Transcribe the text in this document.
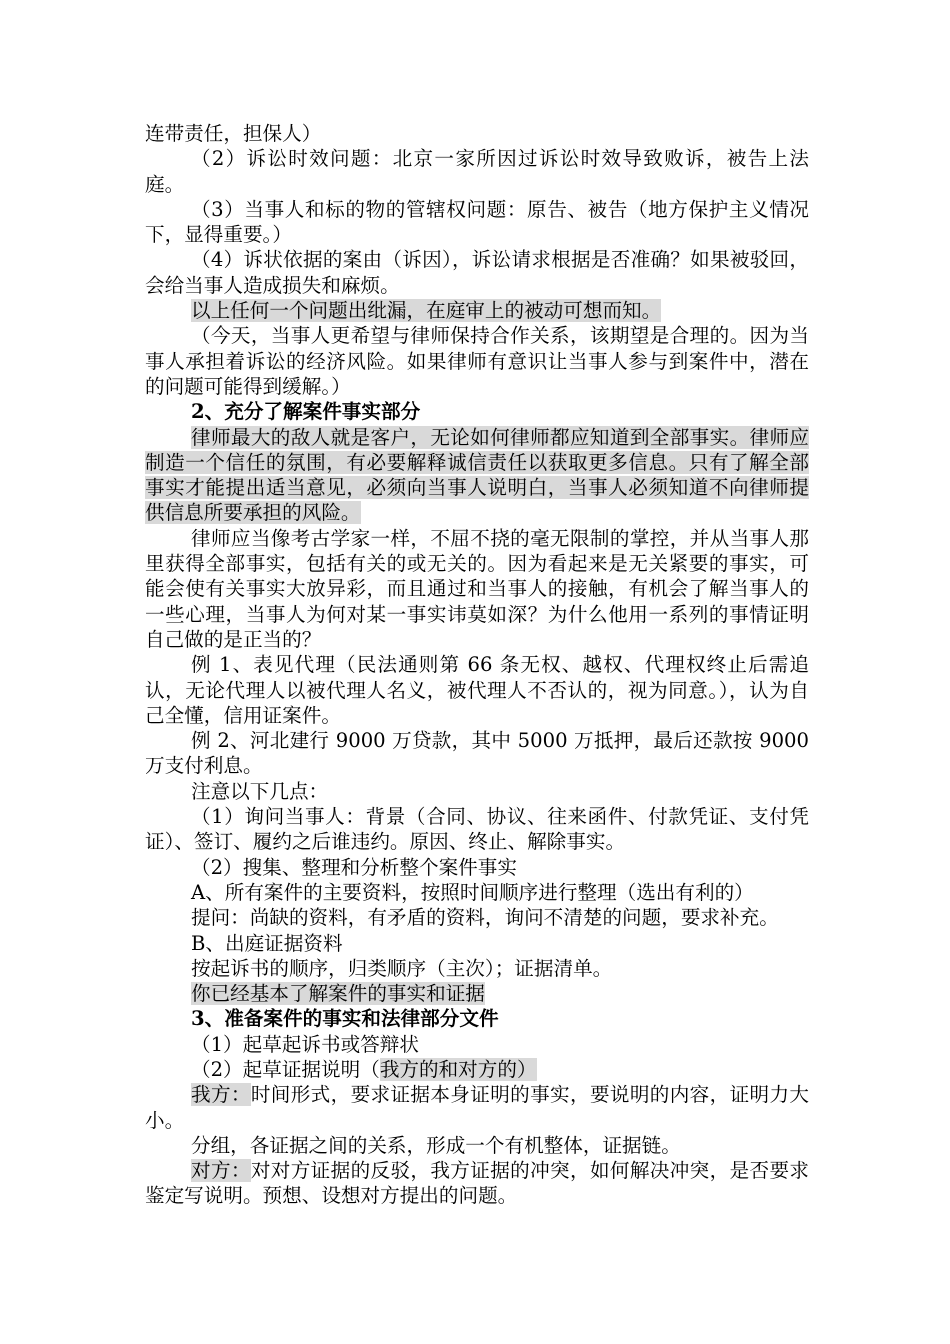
连带责任，担保人）

（2）诉讼时效问题：北京一家所因过诉讼时效导致败诉，被告上法庭。

（3）当事人和标的物的管辖权问题：原告、被告（地方保护主义情况下，显得重要。）

（4）诉状依据的案由（诉因），诉讼请求根据是否准确？如果被驳回，会给当事人造成损失和麻烦。

以上任何一个问题出纰漏，在庭审上的被动可想而知。

（今天，当事人更希望与律师保持合作关系，该期望是合理的。因为当事人承担着诉讼的经济风险。如果律师有意识让当事人参与到案件中，潜在的问题可能得到缓解。）

2、充分了解案件事实部分

律师最大的敌人就是客户，无论如何律师都应知道到全部事实。律师应制造一个信任的氛围，有必要解释诚信责任以获取更多信息。只有了解全部事实才能提出适当意见，必须向当事人说明白，当事人必须知道不向律师提供信息所要承担的风险。

律师应当像考古学家一样，不屈不挠的毫无限制的掌控，并从当事人那里获得全部事实，包括有关的或无关的。因为看起来是无关紧要的事实，可能会使有关事实大放异彩，而且通过和当事人的接触，有机会了解当事人的一些心理，当事人为何对某一事实讳莫如深？为什么他用一系列的事情证明自己做的是正当的？

例 1、表见代理（民法通则第 66 条无权、越权、代理权终止后需追认，无论代理人以被代理人名义，被代理人不否认的，视为同意。），认为自己全懂，信用证案件。

例 2、河北建行 9000 万贷款，其中 5000 万抵押，最后还款按 9000 万支付利息。

注意以下几点：

（1）询问当事人：背景（合同、协议、往来函件、付款凭证、支付凭证）、签订、履约之后谁违约。原因、终止、解除事实。

（2）搜集、整理和分析整个案件事实

A、所有案件的主要资料，按照时间顺序进行整理（选出有利的）

提问：尚缺的资料，有矛盾的资料，询问不清楚的问题，要求补充。

B、出庭证据资料

按起诉书的顺序，归类顺序（主次）；证据清单。

你已经基本了解案件的事实和证据

3、准备案件的事实和法律部分文件

（1）起草起诉书或答辩状

（2）起草证据说明（我方的和对方的）

我方：时间形式，要求证据本身证明的事实，要说明的内容，证明力大小。

分组，各证据之间的关系，形成一个有机整体，证据链。

对方：对对方证据的反驳，我方证据的冲突，如何解决冲突，是否要求鉴定写说明。预想、设想对方提出的问题。
